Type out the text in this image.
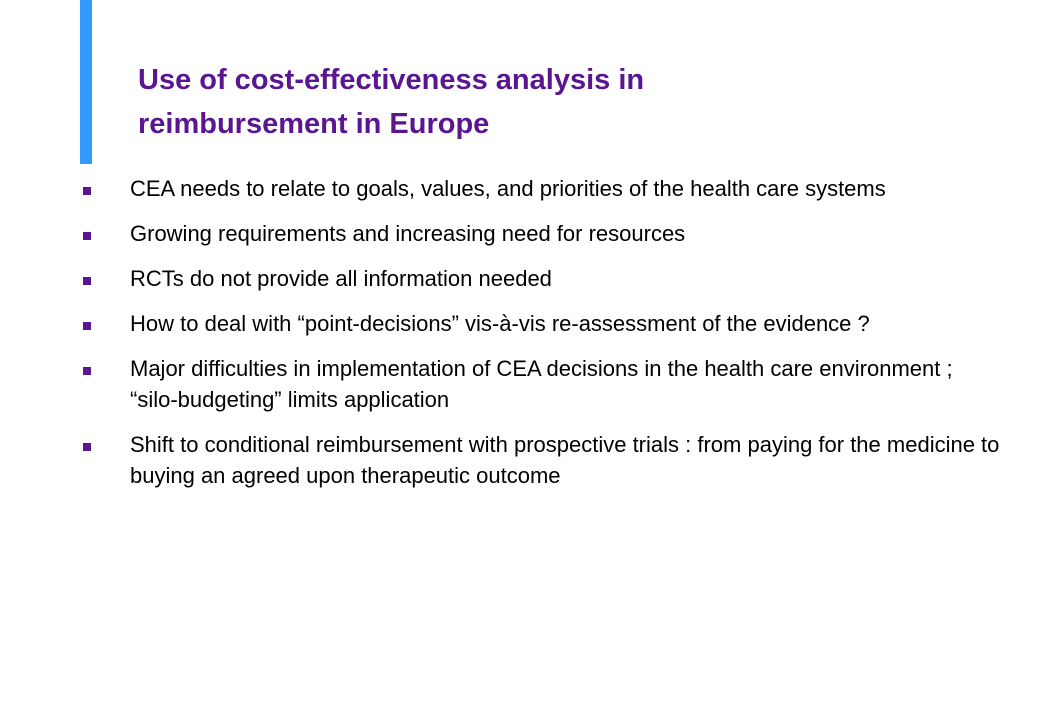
Use of cost-effectiveness analysis in
reimbursement in Europe
CEA needs to relate to goals, values, and priorities of the health care systems
Growing requirements and increasing need for resources
RCTs do not provide all information needed
How to deal with “point-decisions” vis-à-vis re-assessment of the evidence ?
Major difficulties in implementation of CEA decisions in the health care environment ; “silo-budgeting” limits application
Shift to conditional reimbursement with prospective trials : from paying for the medicine to buying an agreed upon therapeutic outcome
